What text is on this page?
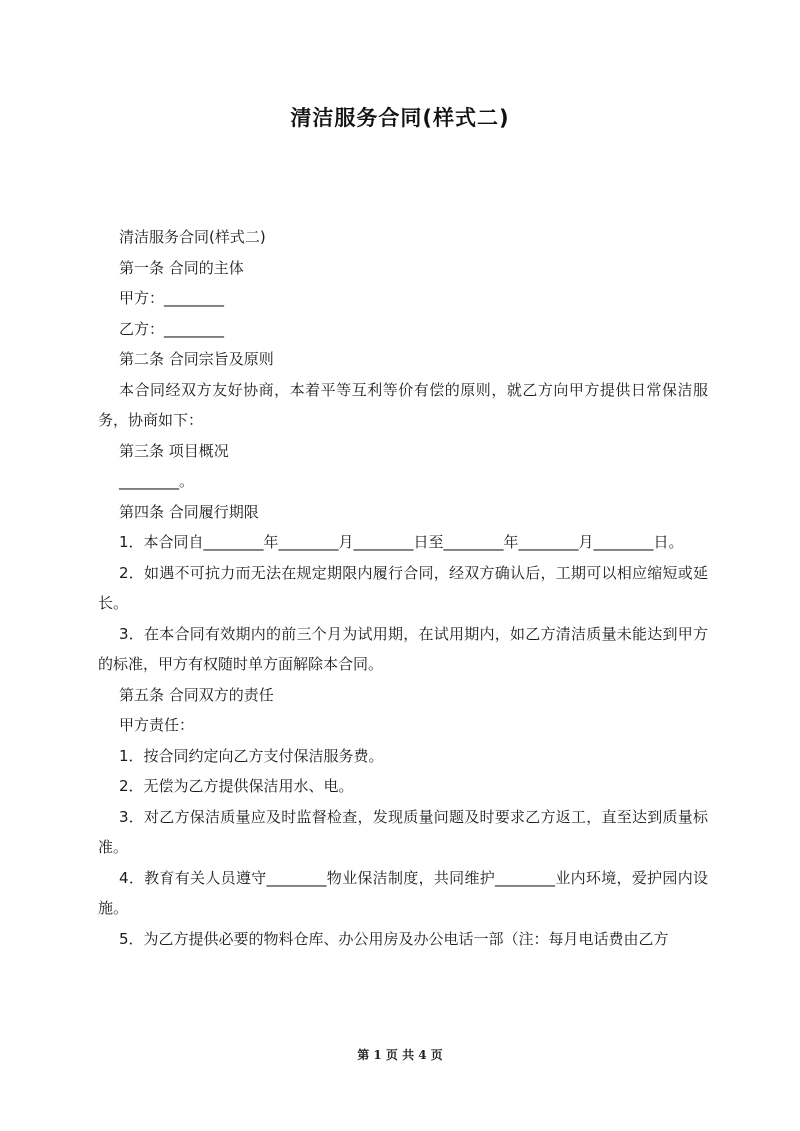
清洁服务合同(样式二)

清洁服务合同(样式二)

第一条 合同的主体

甲方：________

乙方：________

第二条 合同宗旨及原则

本合同经双方友好协商，本着平等互利等价有偿的原则，就乙方向甲方提供日常保洁服务，协商如下：

第三条 项目概况

________。

第四条 合同履行期限

1．本合同自________年________月________日至________年________月________日。

2．如遇不可抗力而无法在规定期限内履行合同，经双方确认后，工期可以相应缩短或延长。

3．在本合同有效期内的前三个月为试用期，在试用期内，如乙方清洁质量未能达到甲方的标准，甲方有权随时单方面解除本合同。

第五条 合同双方的责任

甲方责任：

1．按合同约定向乙方支付保洁服务费。

2．无偿为乙方提供保洁用水、电。

3．对乙方保洁质量应及时监督检查，发现质量问题及时要求乙方返工，直至达到质量标准。

4．教育有关人员遵守________物业保洁制度，共同维护________业内环境，爱护园内设施。

5．为乙方提供必要的物料仓库、办公用房及办公电话一部（注：每月电话费由乙方

第 1 页 共 4 页
